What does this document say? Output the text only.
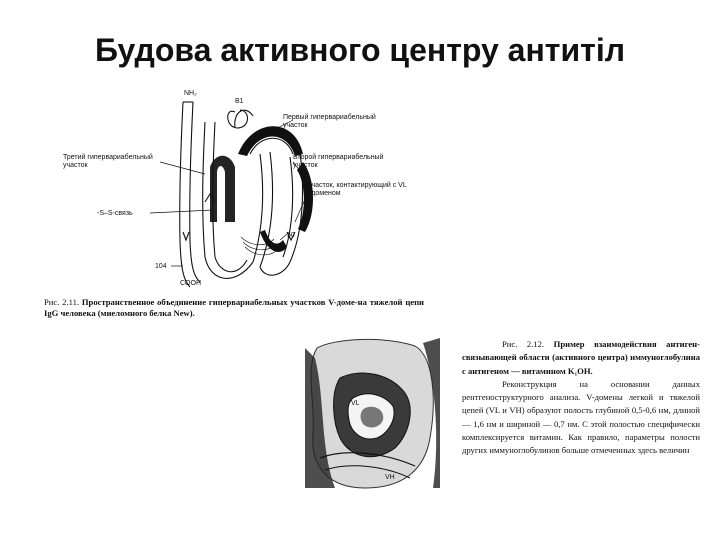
Будова активного центру антитіл
NH₂
B1
Первый гипервариабельный участок
Второй гипервариабельный участок
Третий гипервариабельный участок
Участок, контактирующий с VL - доменом
-S–S-связь
50
104
COOH

Рис. 2.11. Пространственное объединение гипервариабельных участков V-доме-на тяжелой цепи IgG человека (миеломного белка New).

VL
VH

Рис. 2.12. Пример взаимодействия антиген-связывающей области (активного центра) иммуноглобулина с антигеном — витамином K₁OH.

Реконструкция на основании данных рентгеноструктурного анализа. V-домены легкой и тяжелой цепей (VL и VH) образуют полость глубиной 0,5-0,6 нм, длиной — 1,6 нм и шириной — 0,7 нм. С этой полостью специфически комплексируется витамин. Как правило, параметры полости других иммуноглобулинов больше отмеченных здесь величин
